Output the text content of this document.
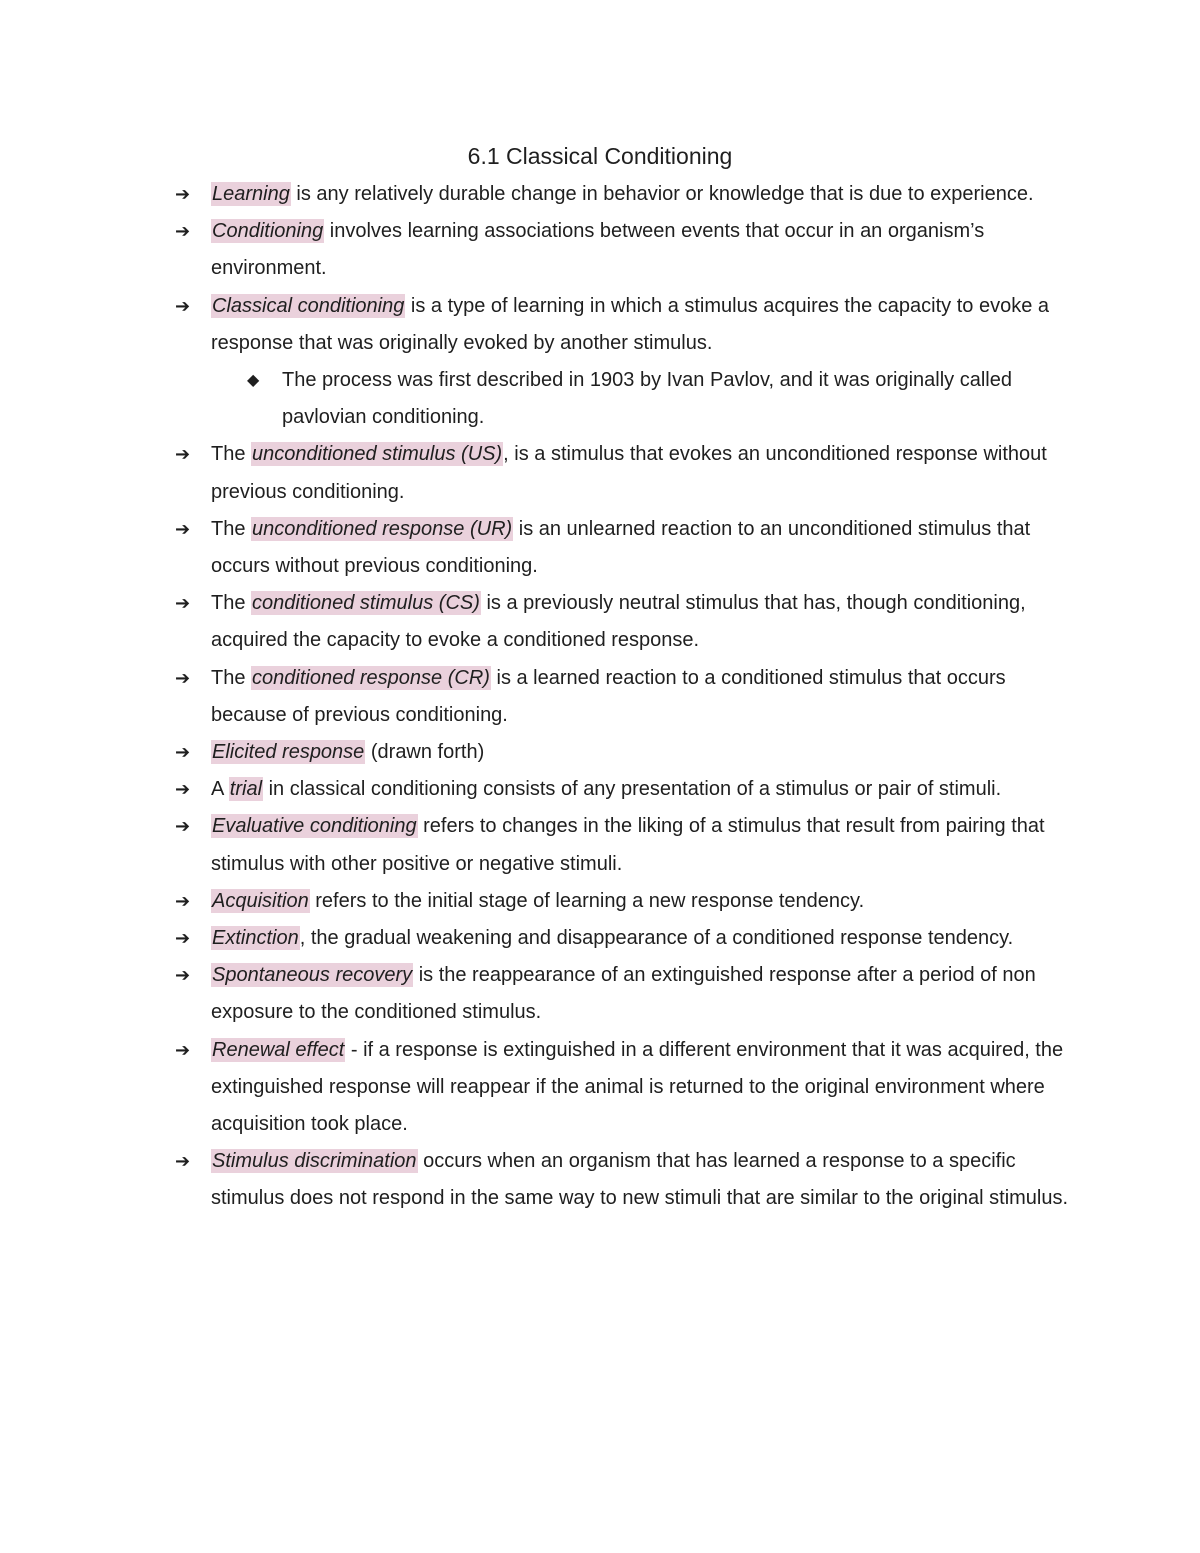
6.1 Classical Conditioning
➔	Learning is any relatively durable change in behavior or knowledge that is due to experience.
➔	Conditioning involves learning associations between events that occur in an organism’s environment.
➔	Classical conditioning is a type of learning in which a stimulus acquires the capacity to evoke a response that was originally evoked by another stimulus.
◆	The process was first described in 1903 by Ivan Pavlov, and it was originally called pavlovian conditioning.
➔	The unconditioned stimulus (US), is a stimulus that evokes an unconditioned response without previous conditioning.
➔	The unconditioned response (UR) is an unlearned reaction to an unconditioned stimulus that occurs without previous conditioning.
➔	The conditioned stimulus (CS) is a previously neutral stimulus that has, though conditioning, acquired the capacity to evoke a conditioned response.
➔	The conditioned response (CR) is a learned reaction to a conditioned stimulus that occurs because of previous conditioning.
➔	Elicited response (drawn forth)
➔	A trial in classical conditioning consists of any presentation of a stimulus or pair of stimuli.
➔	Evaluative conditioning refers to changes in the liking of a stimulus that result from pairing that stimulus with other positive or negative stimuli.
➔	Acquisition refers to the initial stage of learning a new response tendency.
➔	Extinction, the gradual weakening and disappearance of a conditioned response tendency.
➔	Spontaneous recovery is the reappearance of an extinguished response after a period of non exposure to the conditioned stimulus.
➔	Renewal effect - if a response is extinguished in a different environment that it was acquired, the extinguished response will reappear if the animal is returned to the original environment where acquisition took place.
➔	Stimulus discrimination occurs when an organism that has learned a response to a specific stimulus does not respond in the same way to new stimuli that are similar to the original stimulus.
